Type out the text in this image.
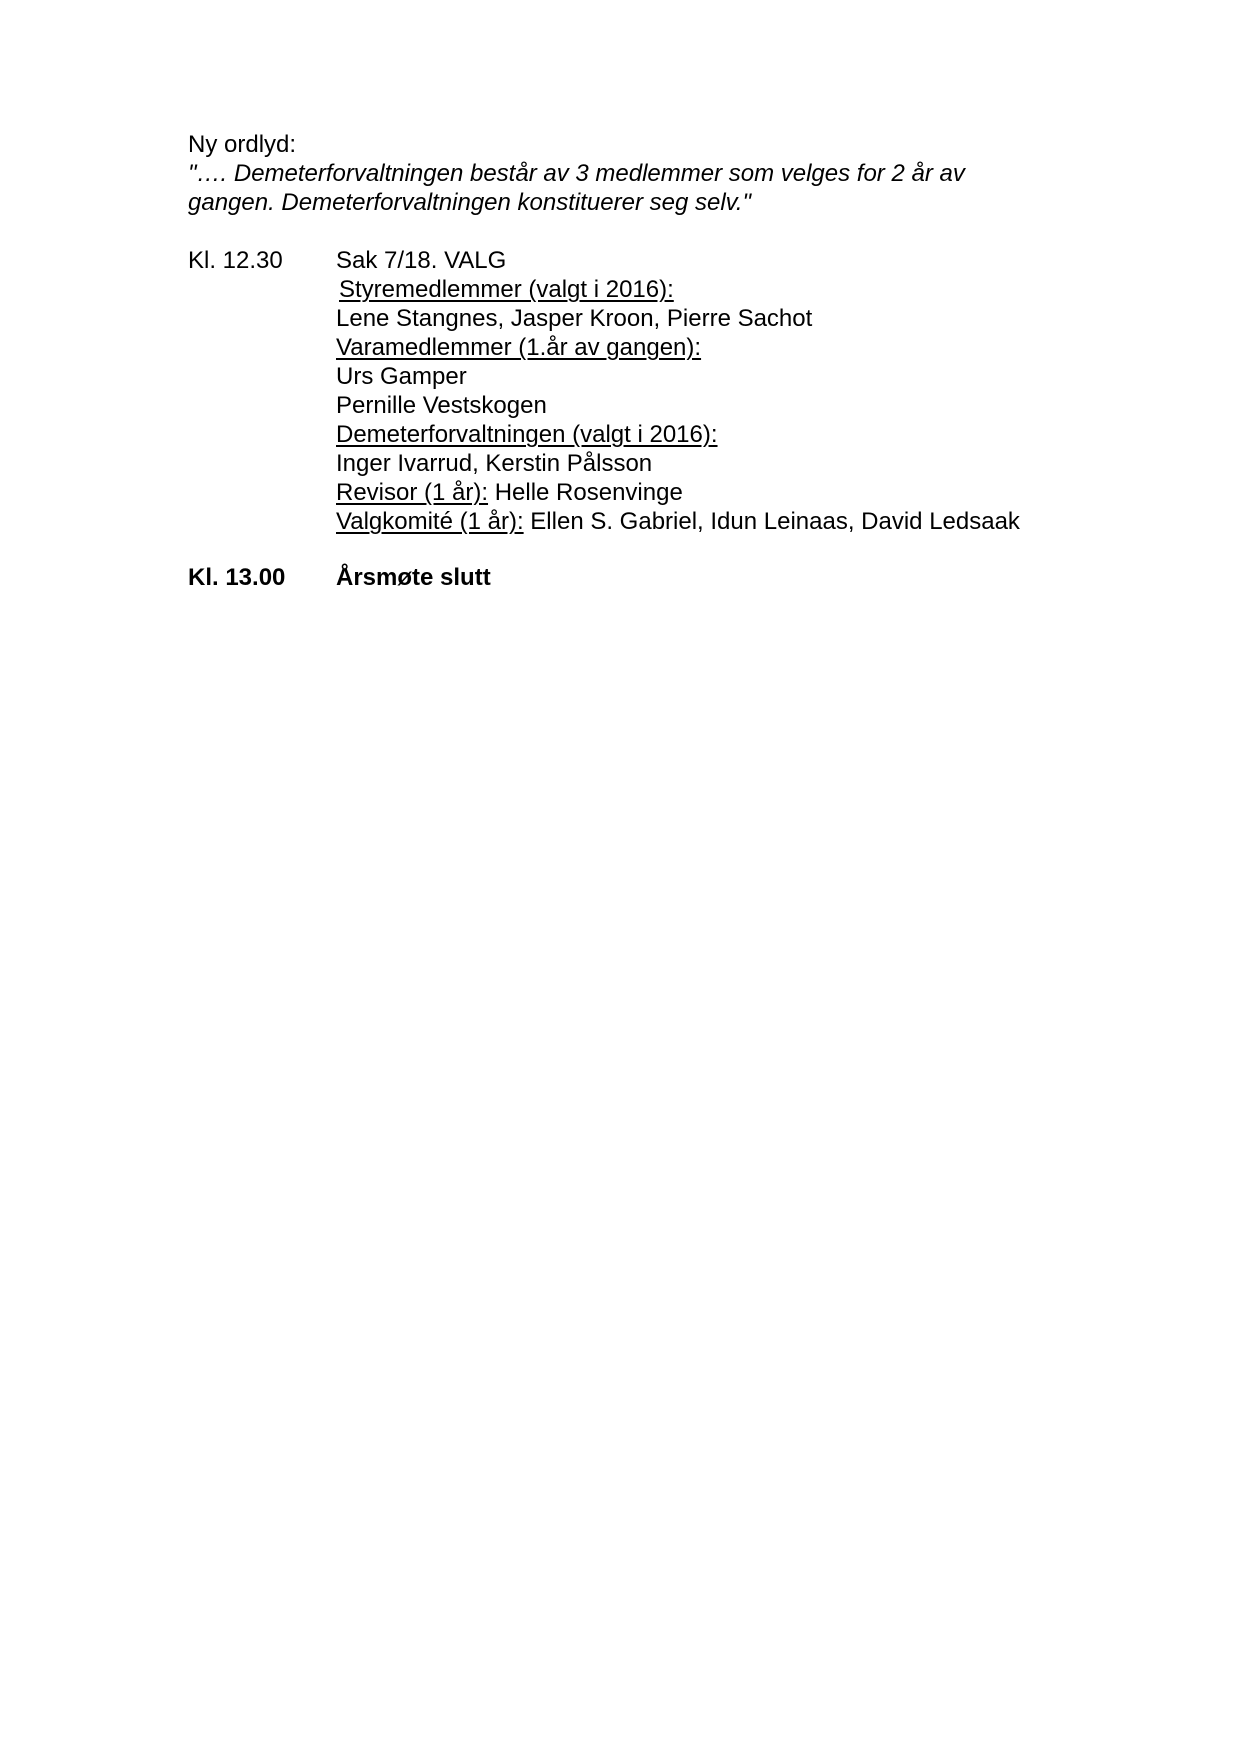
Ny ordlyd:
"…. Demeterforvaltningen består av 3 medlemmer som velges for 2 år av
gangen. Demeterforvaltningen konstituerer seg selv."
Kl. 12.30	Sak 7/18. VALG
Styremedlemmer (valgt i 2016):
Lene Stangnes, Jasper Kroon, Pierre Sachot
Varamedlemmer (1.år av gangen):
Urs Gamper
Pernille Vestskogen
Demeterforvaltningen (valgt i 2016):
Inger Ivarrud, Kerstin Pålsson
Revisor (1 år): Helle Rosenvinge
Valgkomité (1 år): Ellen S. Gabriel, Idun Leinaas, David Ledsaak
Kl. 13.00	Årsmøte slutt
